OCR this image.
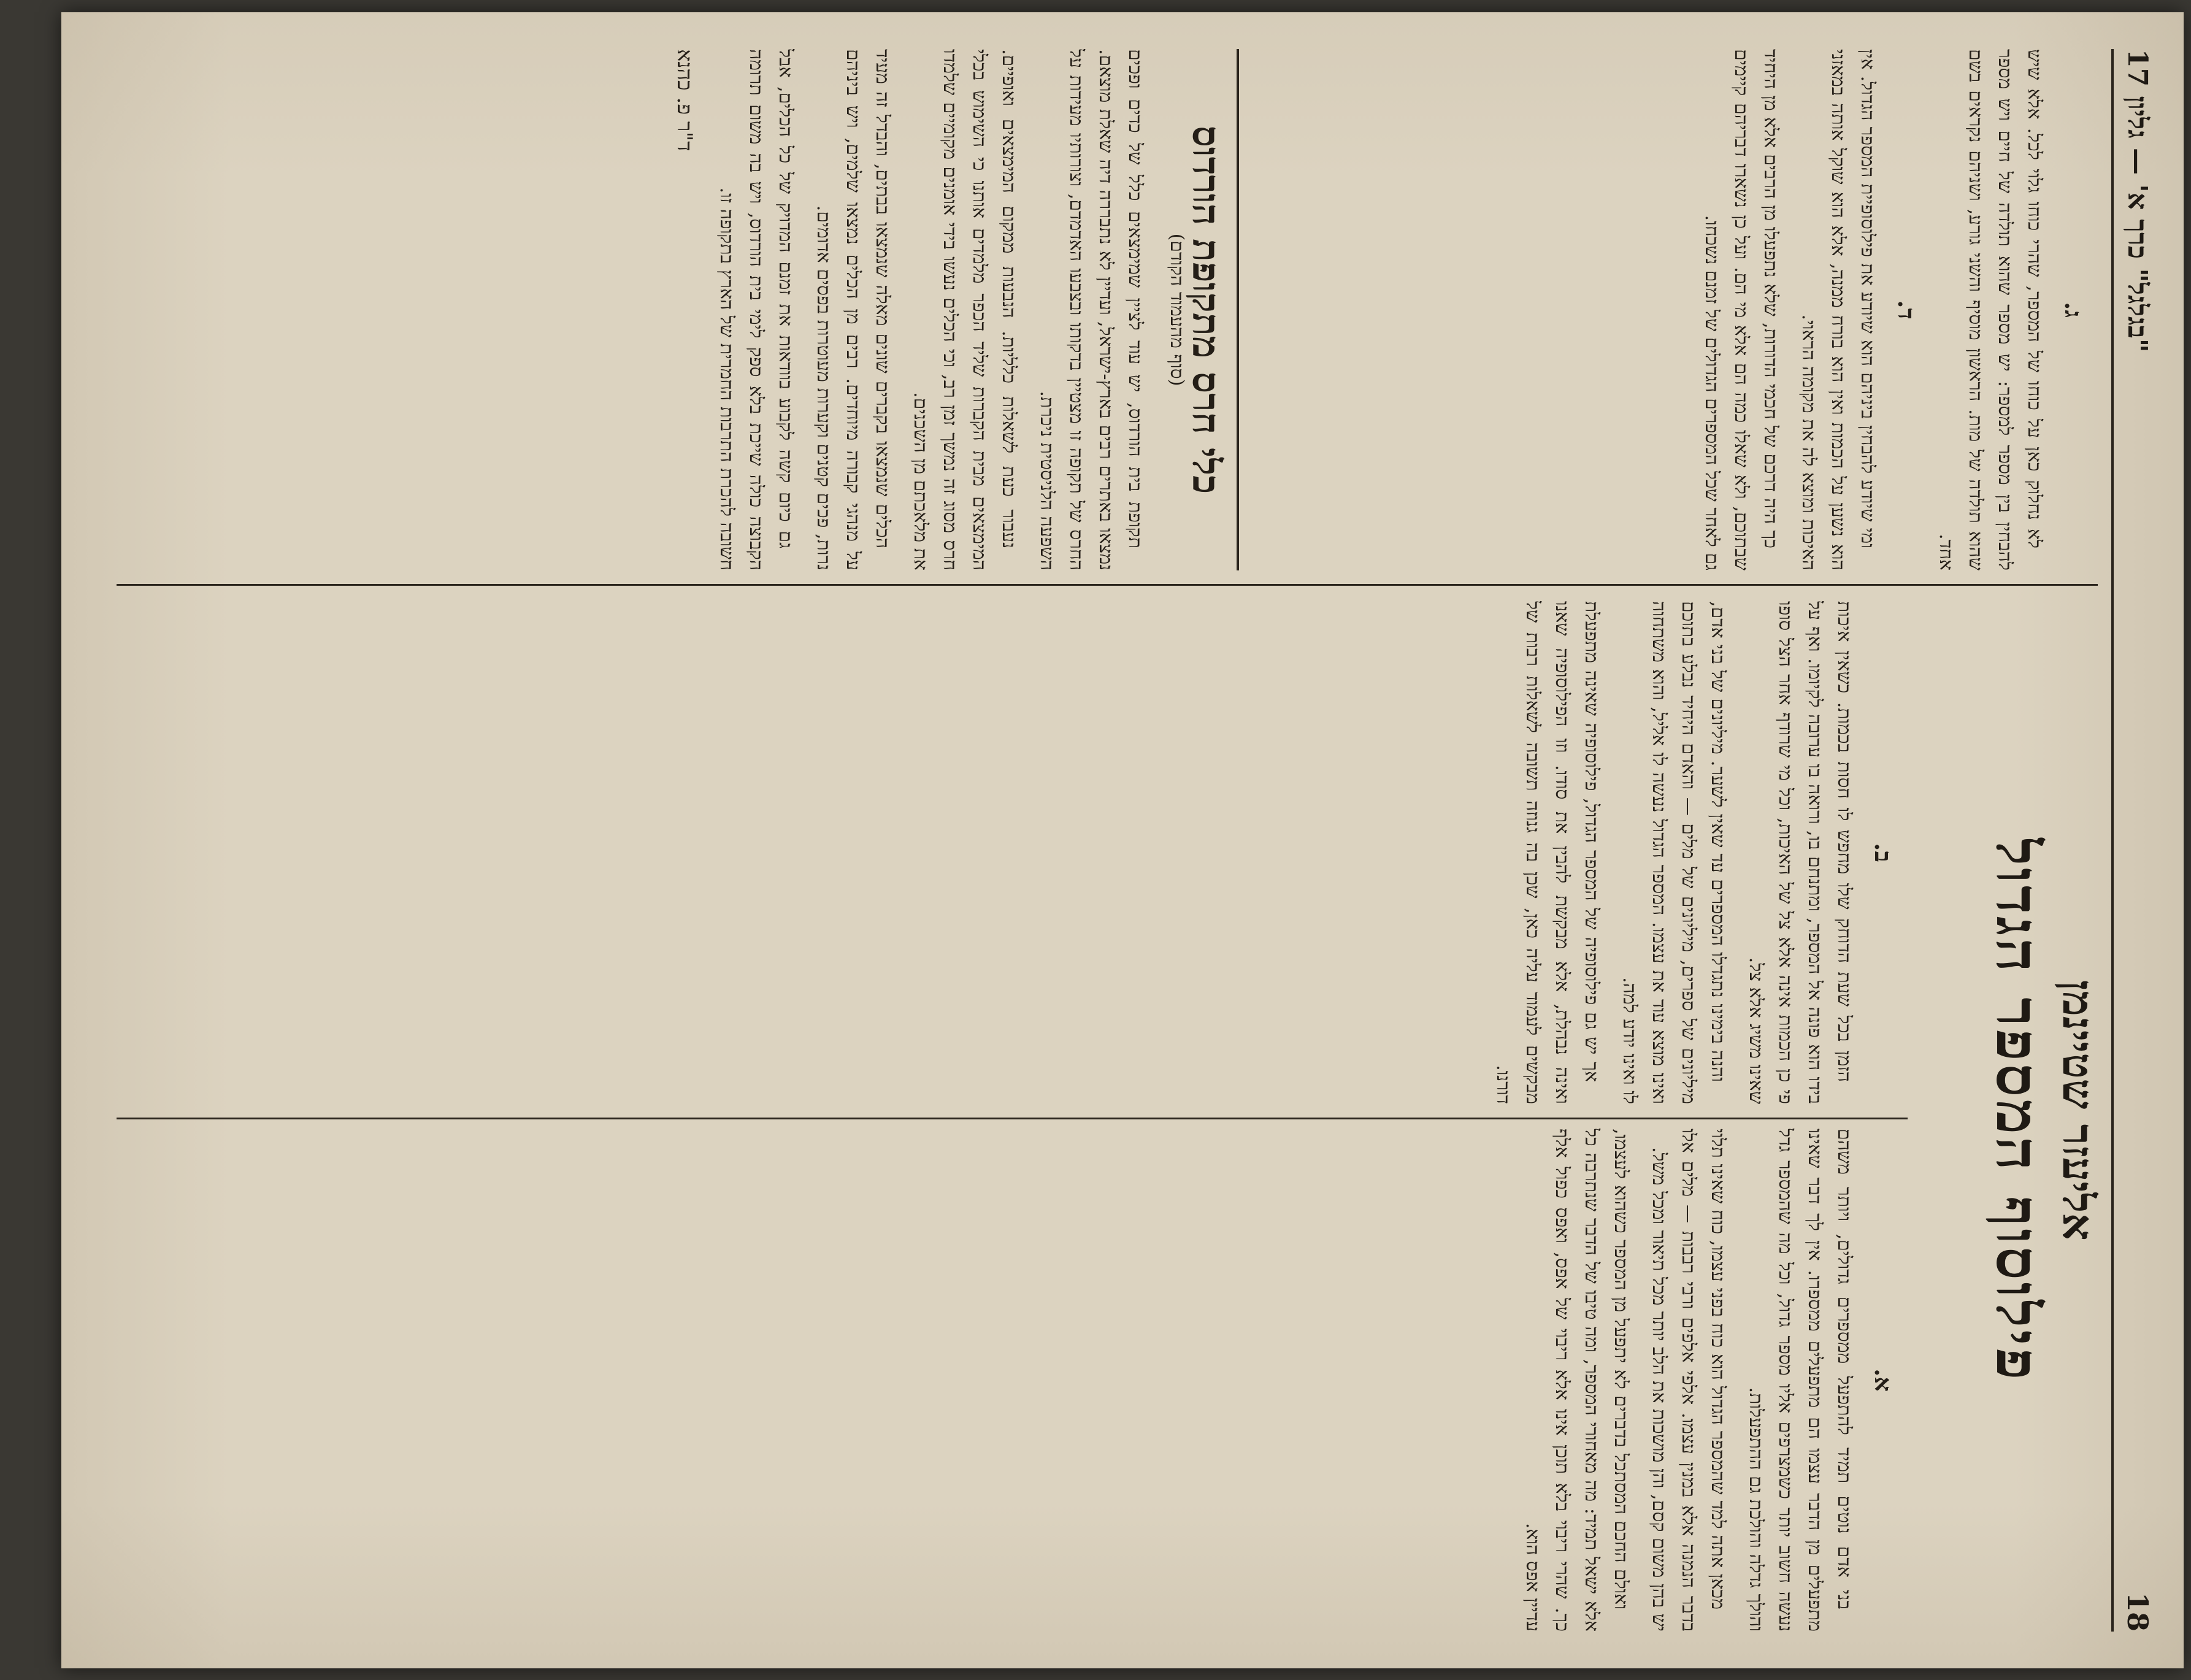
18
"בגלגל" כרך א' — גליון 17
אליעזר שטיינמן
פילוסוף המספר הגדול
א.

בני אדם נוטים תמיד להתפעל ממספרים גדולים, ויותר משהם מתפעלים מן הדבר עצמו הם מתפעלים ממספרו. אין לך דבר שאינו נעשה חשוב יותר כשמצרפים אליו מספר גדול, וכל מה שהמספר גדל והולך גדלה והולכת גם ההתפעלות.

מכאן אתה למד שהמספר הגדול הוא כוח בפני עצמו, כוח שאינו תלוי בדבר הנמנה אלא במנין עצמו. אלפי אלפים ורבי רבבות — מלים אלו יש בהן משום קסם, והן מושכות את הלב יותר מכל תיאור ומכל משל.

ואולם החכם המסתכל בדברים לא יתפעל מן המספר כשהוא לעצמו, אלא ישאל תמיד: מה מאחורי המספר, ומה טיבו של הדבר שנתרבה כל כך. שהרי ריבוי בלא תוכן אינו אלא ריבוי של אפס, ואפס כפול אלף עדיין אפס הוא.

ב.

הזמן בכל שעת הדוחק שלו מחפש לו חסות בכמות. כשאין איכות בידו הוא פונה אל המספר, ומתנחם בו, ורואה בו ערובה לקיומו. ואף על פי כן הכמות אינה אלא צל של האיכות, וכל מי שרודף אחר הצל סופו שאינו משיג אלא צל.

והנה בימינו נתגדלו המספרים עד שאין לשער. מיליונים של בני אדם, מיליונים של ספרים, מיליונים של מלים — והאדם היחיד נבלע בתוכם ואינו מוצא עוד את עצמו. המספר הגדול נעשה לו אליל, והוא משתחוה לו ואינו יודע למה.

אך יש גם פילוסופיה של המספר הגדול, פילוסופיה שאינה מתפעלת ואינה נבהלת, אלא מבקשת להבין את סודו. וזו הפילוסופיה שאנו מבקשים לעמוד עליה כאן, שכן בה גנוזה תשובה לשאלות רבות של דורנו.

ג.

לא נחלוק כאן על כוחו של המספר, שהרי כוחו גלוי לכל. אלא שיש להבחין בין מספר למספר: יש מספר שהוא תולדה של חיים ויש מספר שהוא תולדה של מות. הראשון מוסיף והשני גורע, ושניהם נקראים בשם אחד.

ד.

ומי שיודע להבחין ביניהם הוא שיודע את פילוסופיית המספר הגדול. אין הוא נשען על הכמות ואין הוא בורח ממנה, אלא הוא שוקל אותה במאזני האיכות ומוצא לה את מקומה הראוי.

כך היה דרכם של חכמי הדורות, שלא נתפעלו מן הרבים אלא מן היחיד שבתוכם, ולא שאלו כמה הם אלא מי הם. ועל כן נשארו דבריהם קיימים גם לאחר שכל המספרים הגדולים של זמנם נשכחו.

כלי חרס מתקופת הורדוס
(סוף מהעמוד הקודם)

תקופת בית הורדוס, יש עוד לציין שמימצאים כלל של כדים ופכים נמצאו באתרים רבים בארץ-ישראל, ועדיין לא נתבררה דיה שאלת מוצאם. החרס של תקופה זו מצטיין בדקותו ובצבעו האדמדם, וצורותיו מעידות על השפעה הלניסטית ניכרת.

נעבור כעת לשאלות כלליות. הנבעות ממקום המימצאים ואופיים. המימצאים מבית הקברות שליד הכפר מלמדים אותנו כי השימוש בכלי חרס מסוג זה נמשך זמן רב, וכי הכלים נעשו בידי אומנים מקומיים שלמדו את מלאכתם מן השכנים.

הכלים שנמצאו בקברים שונים מאלה שנמצאו בבתים, והבדל זה מעיד על מנהגי קבורה מיוחדים. רבים מן הכלים נמצאו שלמים, ויש ביניהם נרות, פכים קטנים וקערות מעוטרות בפסים אדומים.

גם כיום קשה לקבוע בוודאות את זמנם המדויק של כל הכלים, אבל הקבוצה כולה שייכת בלא ספק לימי בית הורדוס, ויש בה משום תרומה חשובה להכרת התרבות החמרית של הארץ בתקופה זו.

ד"ר פ. כהנא
